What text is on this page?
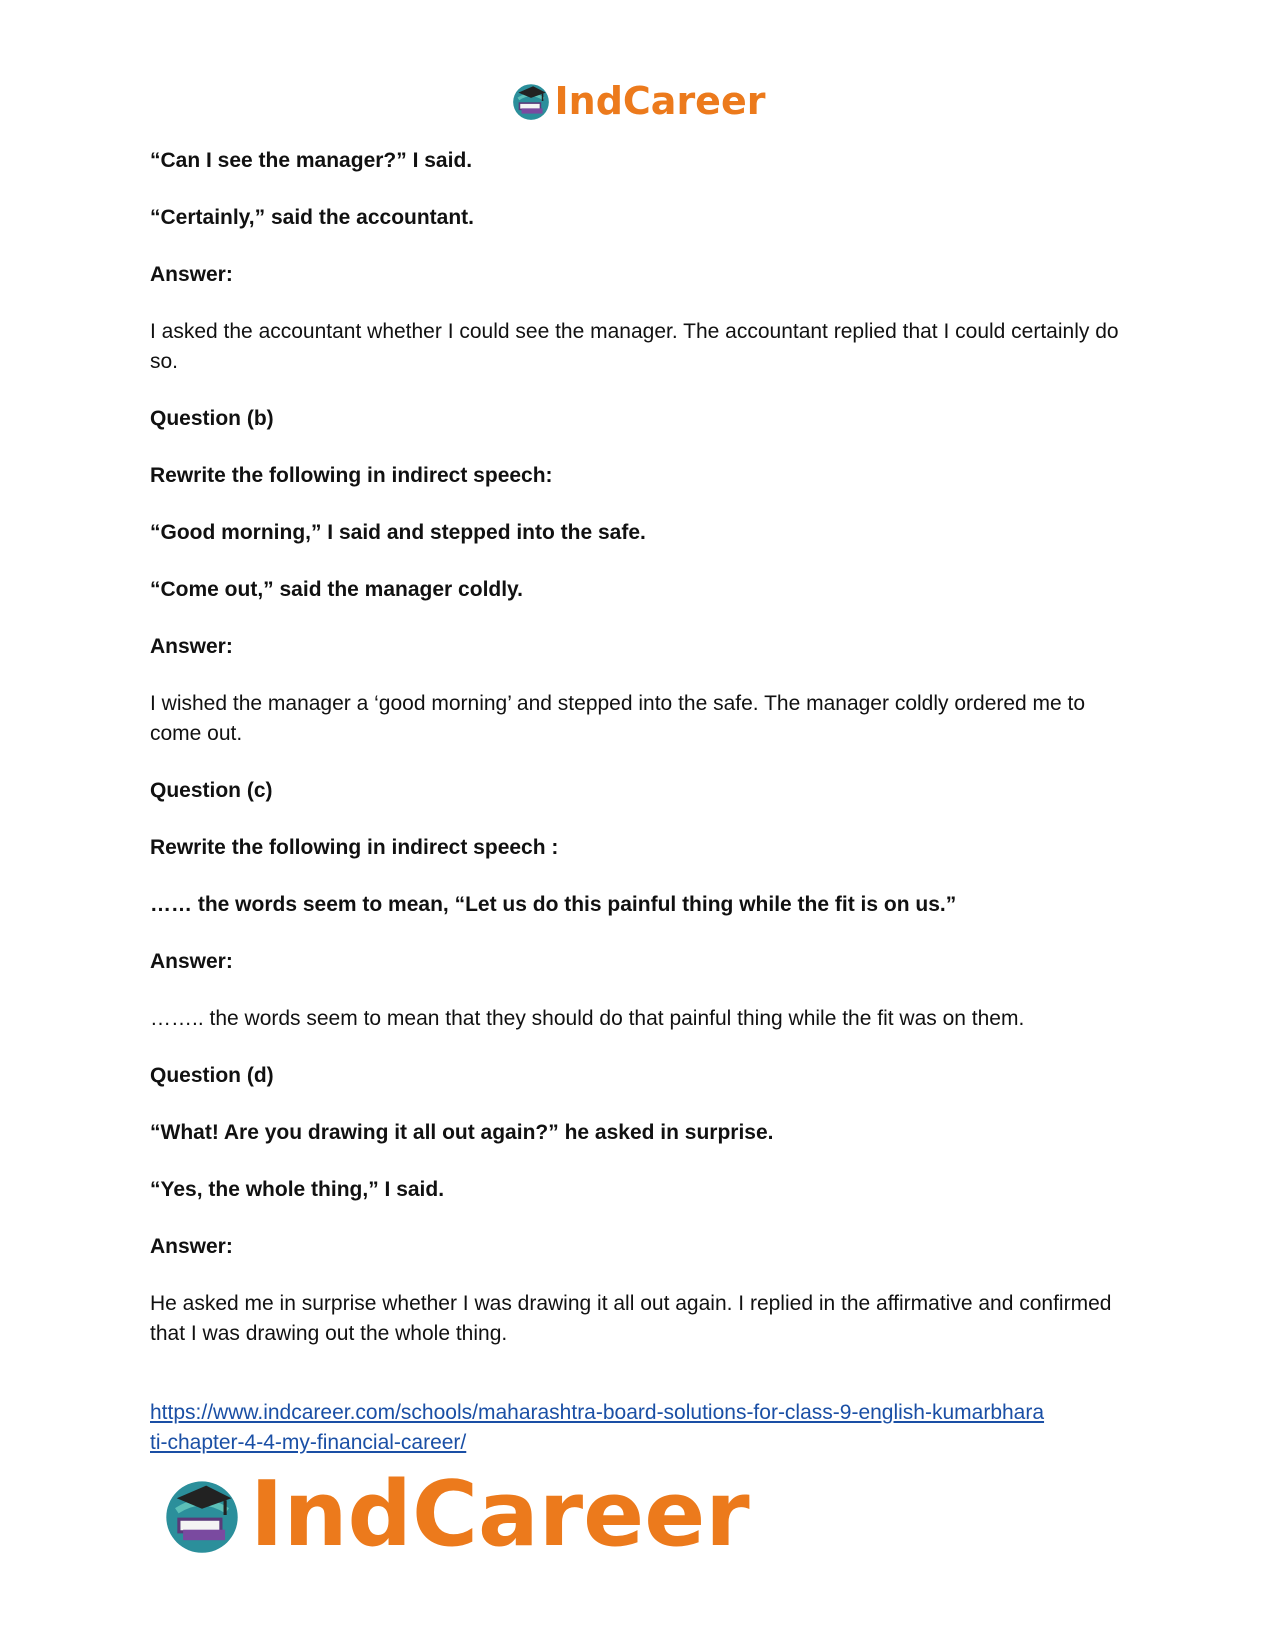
IndCareer

“Can I see the manager?” I said.

“Certainly,” said the accountant.

Answer:

I asked the accountant whether I could see the manager. The accountant replied that I could certainly do so.

Question (b)

Rewrite the following in indirect speech:

“Good morning,” I said and stepped into the safe.

“Come out,” said the manager coldly.

Answer:

I wished the manager a ‘good morning’ and stepped into the safe. The manager coldly ordered me to come out.

Question (c)

Rewrite the following in indirect speech :

…… the words seem to mean, “Let us do this painful thing while the fit is on us.”

Answer:

…….. the words seem to mean that they should do that painful thing while the fit was on them.

Question (d)

“What! Are you drawing it all out again?” he asked in surprise.

“Yes, the whole thing,” I said.

Answer:

He asked me in surprise whether I was drawing it all out again. I replied in the affirmative and confirmed that I was drawing out the whole thing.

https://www.indcareer.com/schools/maharashtra-board-solutions-for-class-9-english-kumarbhara
ti-chapter-4-4-my-financial-career/
IndCareer
